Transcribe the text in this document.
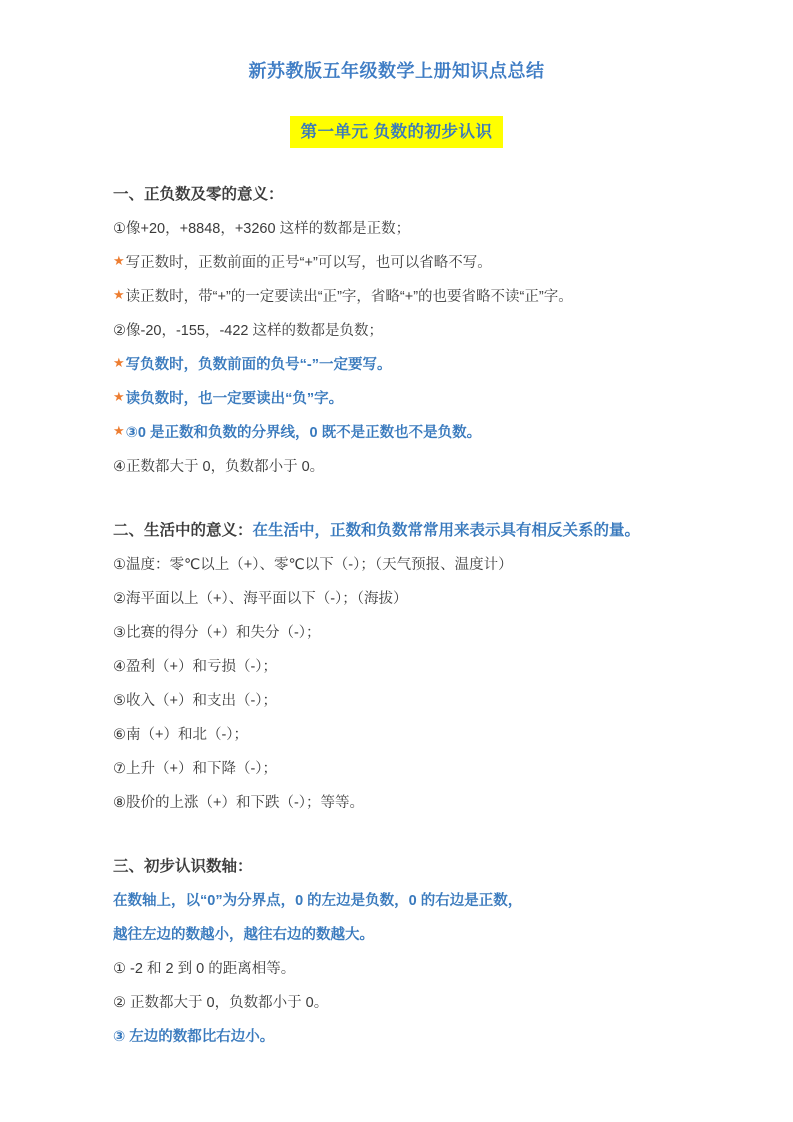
新苏教版五年级数学上册知识点总结
第一单元 负数的初步认识
一、正负数及零的意义：
①像+20，+8848，+3260 这样的数都是正数；
★ 写正数时，正数前面的正号“+”可以写，也可以省略不写。
★ 读正数时，带“+”的一定要读出“正”字，省略“+”的也要省略不读“正”字。
②像-20，-155，-422 这样的数都是负数；
★ 写负数时，负数前面的负号“-”一定要写。
★ 读负数时，也一定要读出“负”字。
★ ③0 是正数和负数的分界线，0 既不是正数也不是负数。
④正数都大于 0，负数都小于 0。
二、生活中的意义： 在生活中，正数和负数常常用来表示具有相反关系的量。
①温度：零℃以上（+）、零℃以下（-）；（天气预报、温度计）
②海平面以上（+）、海平面以下（-）；（海拔）
③比赛的得分（+）和失分（-）；
④盈利（+）和亏损（-）；
⑤收入（+）和支出（-）；
⑥南（+）和北（-）；
⑦上升（+）和下降（-）；
⑧股价的上涨（+）和下跌（-）；等等。
三、初步认识数轴：
在数轴上，以“0”为分界点，0 的左边是负数，0 的右边是正数，
越往左边的数越小，越往右边的数越大。
① -2 和 2 到 0 的距离相等。
② 正数都大于 0，负数都小于 0。
③ 左边的数都比右边小。
